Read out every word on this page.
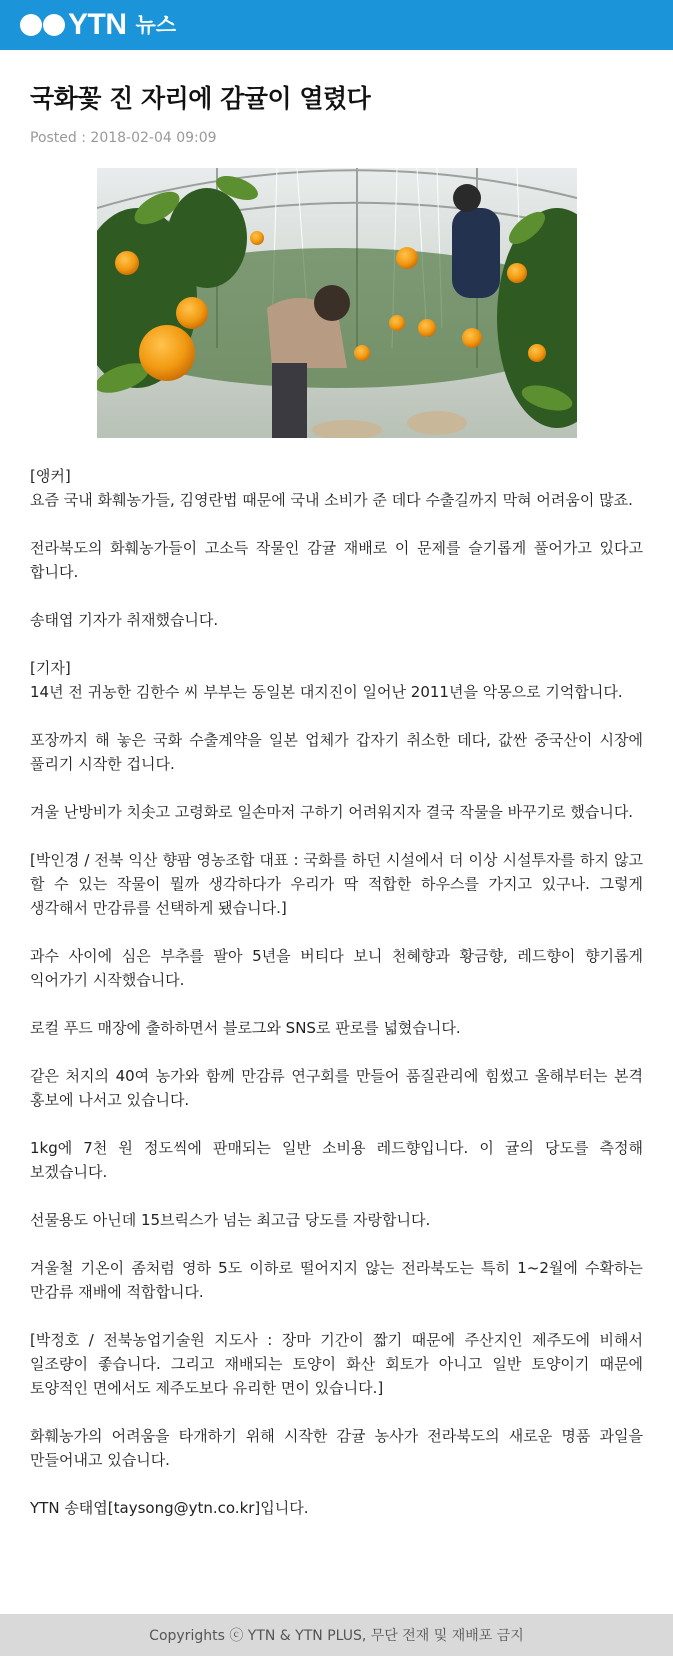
YTN 뉴스
국화꽃 진 자리에 감귤이 열렸다
Posted : 2018-02-04 09:09

[앵커]
요즘 국내 화훼농가들, 김영란법 때문에 국내 소비가 준 데다 수출길까지 막혀 어려움이 많죠.

전라북도의 화훼농가들이 고소득 작물인 감귤 재배로 이 문제를 슬기롭게 풀어가고 있다고 합니다.

송태엽 기자가 취재했습니다.

[기자]
14년 전 귀농한 김한수 씨 부부는 동일본 대지진이 일어난 2011년을 악몽으로 기억합니다.

포장까지 해 놓은 국화 수출계약을 일본 업체가 갑자기 취소한 데다, 값싼 중국산이 시장에 풀리기 시작한 겁니다.

겨울 난방비가 치솟고 고령화로 일손마저 구하기 어려워지자 결국 작물을 바꾸기로 했습니다.

[박인경 / 전북 익산 향팜 영농조합 대표 : 국화를 하던 시설에서 더 이상 시설투자를 하지 않고 할 수 있는 작물이 뭘까 생각하다가 우리가 딱 적합한 하우스를 가지고 있구나. 그렇게 생각해서 만감류를 선택하게 됐습니다.]

과수 사이에 심은 부추를 팔아 5년을 버티다 보니 천혜향과 황금향, 레드향이 향기롭게 익어가기 시작했습니다.

로컬 푸드 매장에 출하하면서 블로그와 SNS로 판로를 넓혔습니다.

같은 처지의 40여 농가와 함께 만감류 연구회를 만들어 품질관리에 힘썼고 올해부터는 본격 홍보에 나서고 있습니다.

1kg에 7천 원 정도씩에 판매되는 일반 소비용 레드향입니다. 이 귤의 당도를 측정해 보겠습니다.

선물용도 아닌데 15브릭스가 넘는 최고급 당도를 자랑합니다.

겨울철 기온이 좀처럼 영하 5도 이하로 떨어지지 않는 전라북도는 특히 1~2월에 수확하는 만감류 재배에 적합합니다.

[박정호 / 전북농업기술원 지도사 : 장마 기간이 짧기 때문에 주산지인 제주도에 비해서 일조량이 좋습니다. 그리고 재배되는 토양이 화산 회토가 아니고 일반 토양이기 때문에 토양적인 면에서도 제주도보다 유리한 면이 있습니다.]

화훼농가의 어려움을 타개하기 위해 시작한 감귤 농사가 전라북도의 새로운 명품 과일을 만들어내고 있습니다.

YTN 송태엽[taysong@ytn.co.kr]입니다.

Copyrights ⓒ YTN & YTN PLUS, 무단 전재 및 재배포 금지
